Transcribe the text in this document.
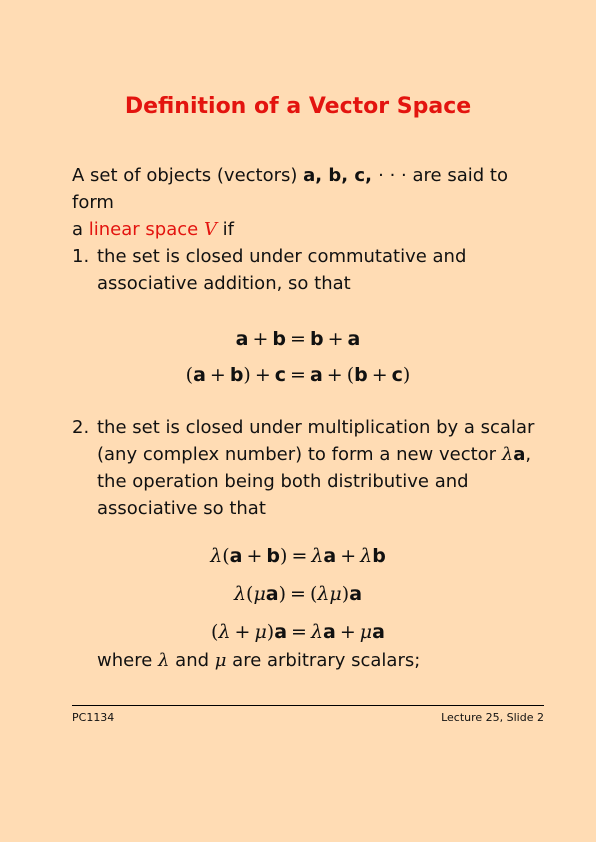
Definition of a Vector Space
A set of objects (vectors) a, b, c, · · · are said to form
a linear space V if
1. the set is closed under commutative and
associative addition, so that
a + b = b + a
(a + b) + c = a + (b + c)
2. the set is closed under multiplication by a scalar
(any complex number) to form a new vector λa,
the operation being both distributive and
associative so that
λ(a + b) = λa + λb
λ(μa) = (λμ)a
(λ + μ)a = λa + μa
where λ and μ are arbitrary scalars;
PC1134	Lecture 25, Slide 2
